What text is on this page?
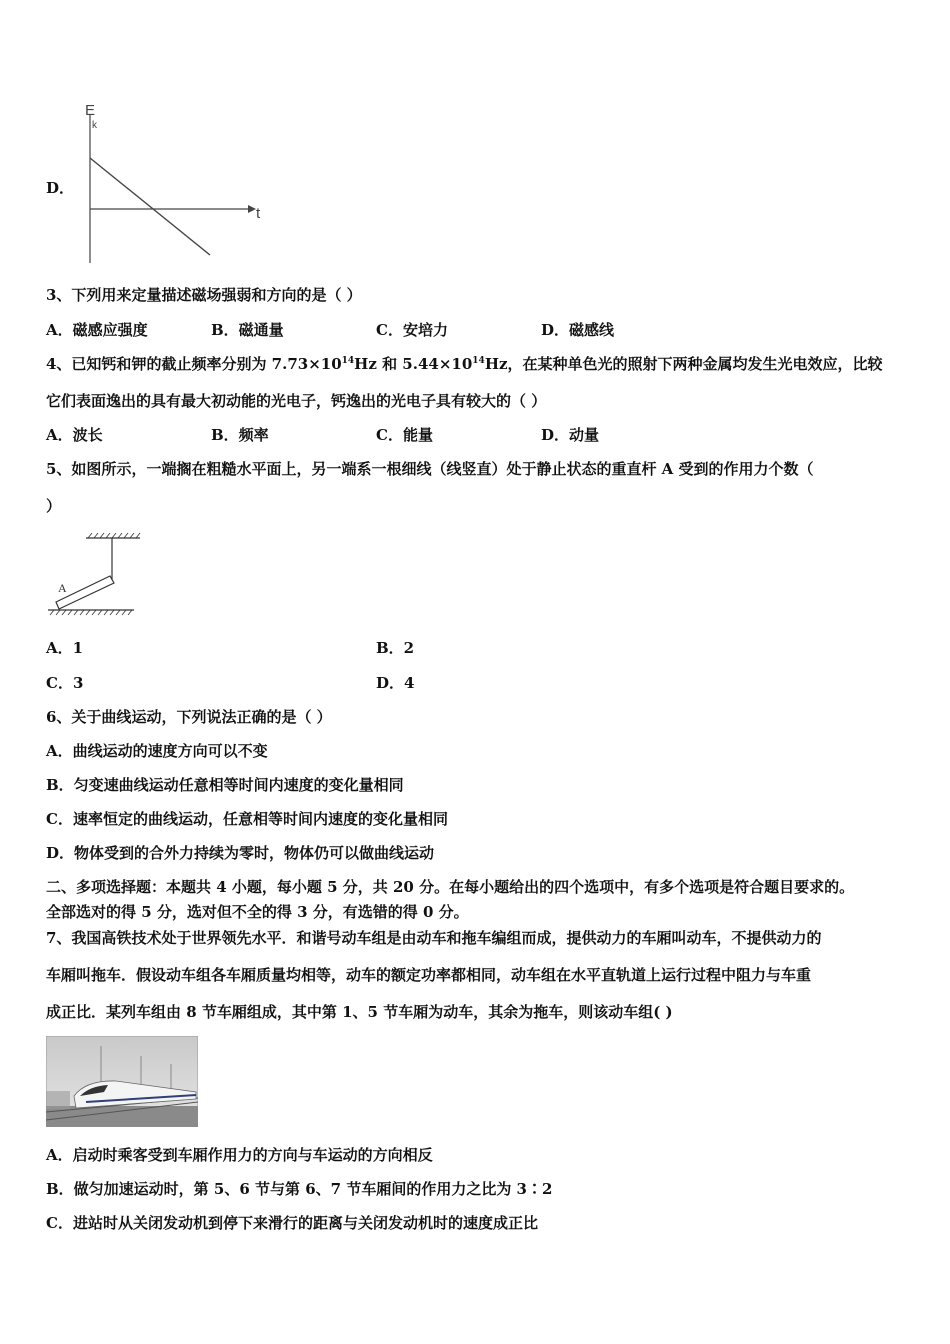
D．
E
k
t
3、下列用来定量描述磁场强弱和方向的是（ ）
A．磁感应强度	B．磁通量	C．安培力	D．磁感线
4、已知钙和钾的截止频率分别为 $7.73\times 10^{14}Hz$ 和 $5.44\times 10^{14}Hz$，在某种单色光的照射下两种金属均发生光电效应，比较
它们表面逸出的具有最大初动能的光电子，钙逸出的光电子具有较大的（ ）
A．波长	B．频率	C．能量	D．动量
5、如图所示，一端搁在粗糙水平面上，另一端系一根细线（线竖直）处于静止状态的重直杆 A 受到的作用力个数（
）
A
A．1	B．2
C．3	D．4
6、关于曲线运动，下列说法正确的是（ ）
A．曲线运动的速度方向可以不变
B．匀变速曲线运动任意相等时间内速度的变化量相同
C．速率恒定的曲线运动，任意相等时间内速度的变化量相同
D．物体受到的合外力持续为零时，物体仍可以做曲线运动
二、多项选择题：本题共 4 小题，每小题 5 分，共 20 分。在每小题给出的四个选项中，有多个选项是符合题目要求的。
全部选对的得 5 分，选对但不全的得 3 分，有选错的得 0 分。
7、我国高铁技术处于世界领先水平．和谐号动车组是由动车和拖车编组而成，提供动力的车厢叫动车，不提供动力的
车厢叫拖车．假设动车组各车厢质量均相等，动车的额定功率都相同，动车组在水平直轨道上运行过程中阻力与车重
成正比．某列车组由 8 节车厢组成，其中第 1、5 节车厢为动车，其余为拖车，则该动车组( )
A．启动时乘客受到车厢作用力的方向与车运动的方向相反
B．做匀加速运动时，第 5、6 节与第 6、7 节车厢间的作用力之比为 3∶2
C．进站时从关闭发动机到停下来滑行的距离与关闭发动机时的速度成正比
